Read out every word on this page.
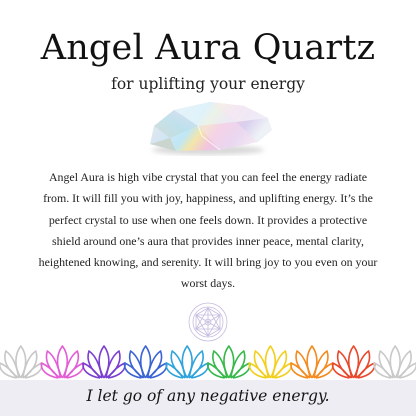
Angel Aura Quartz
for uplifting your energy
Angel Aura is high vibe crystal that you can feel the energy radiate from. It will fill you with joy, happiness, and uplifting energy. It’s the perfect crystal to use when one feels down. It provides a protective shield around one’s aura that provides inner peace, mental clarity, heightened knowing, and serenity. It will bring joy to you even on your worst days.
I let go of any negative energy.
